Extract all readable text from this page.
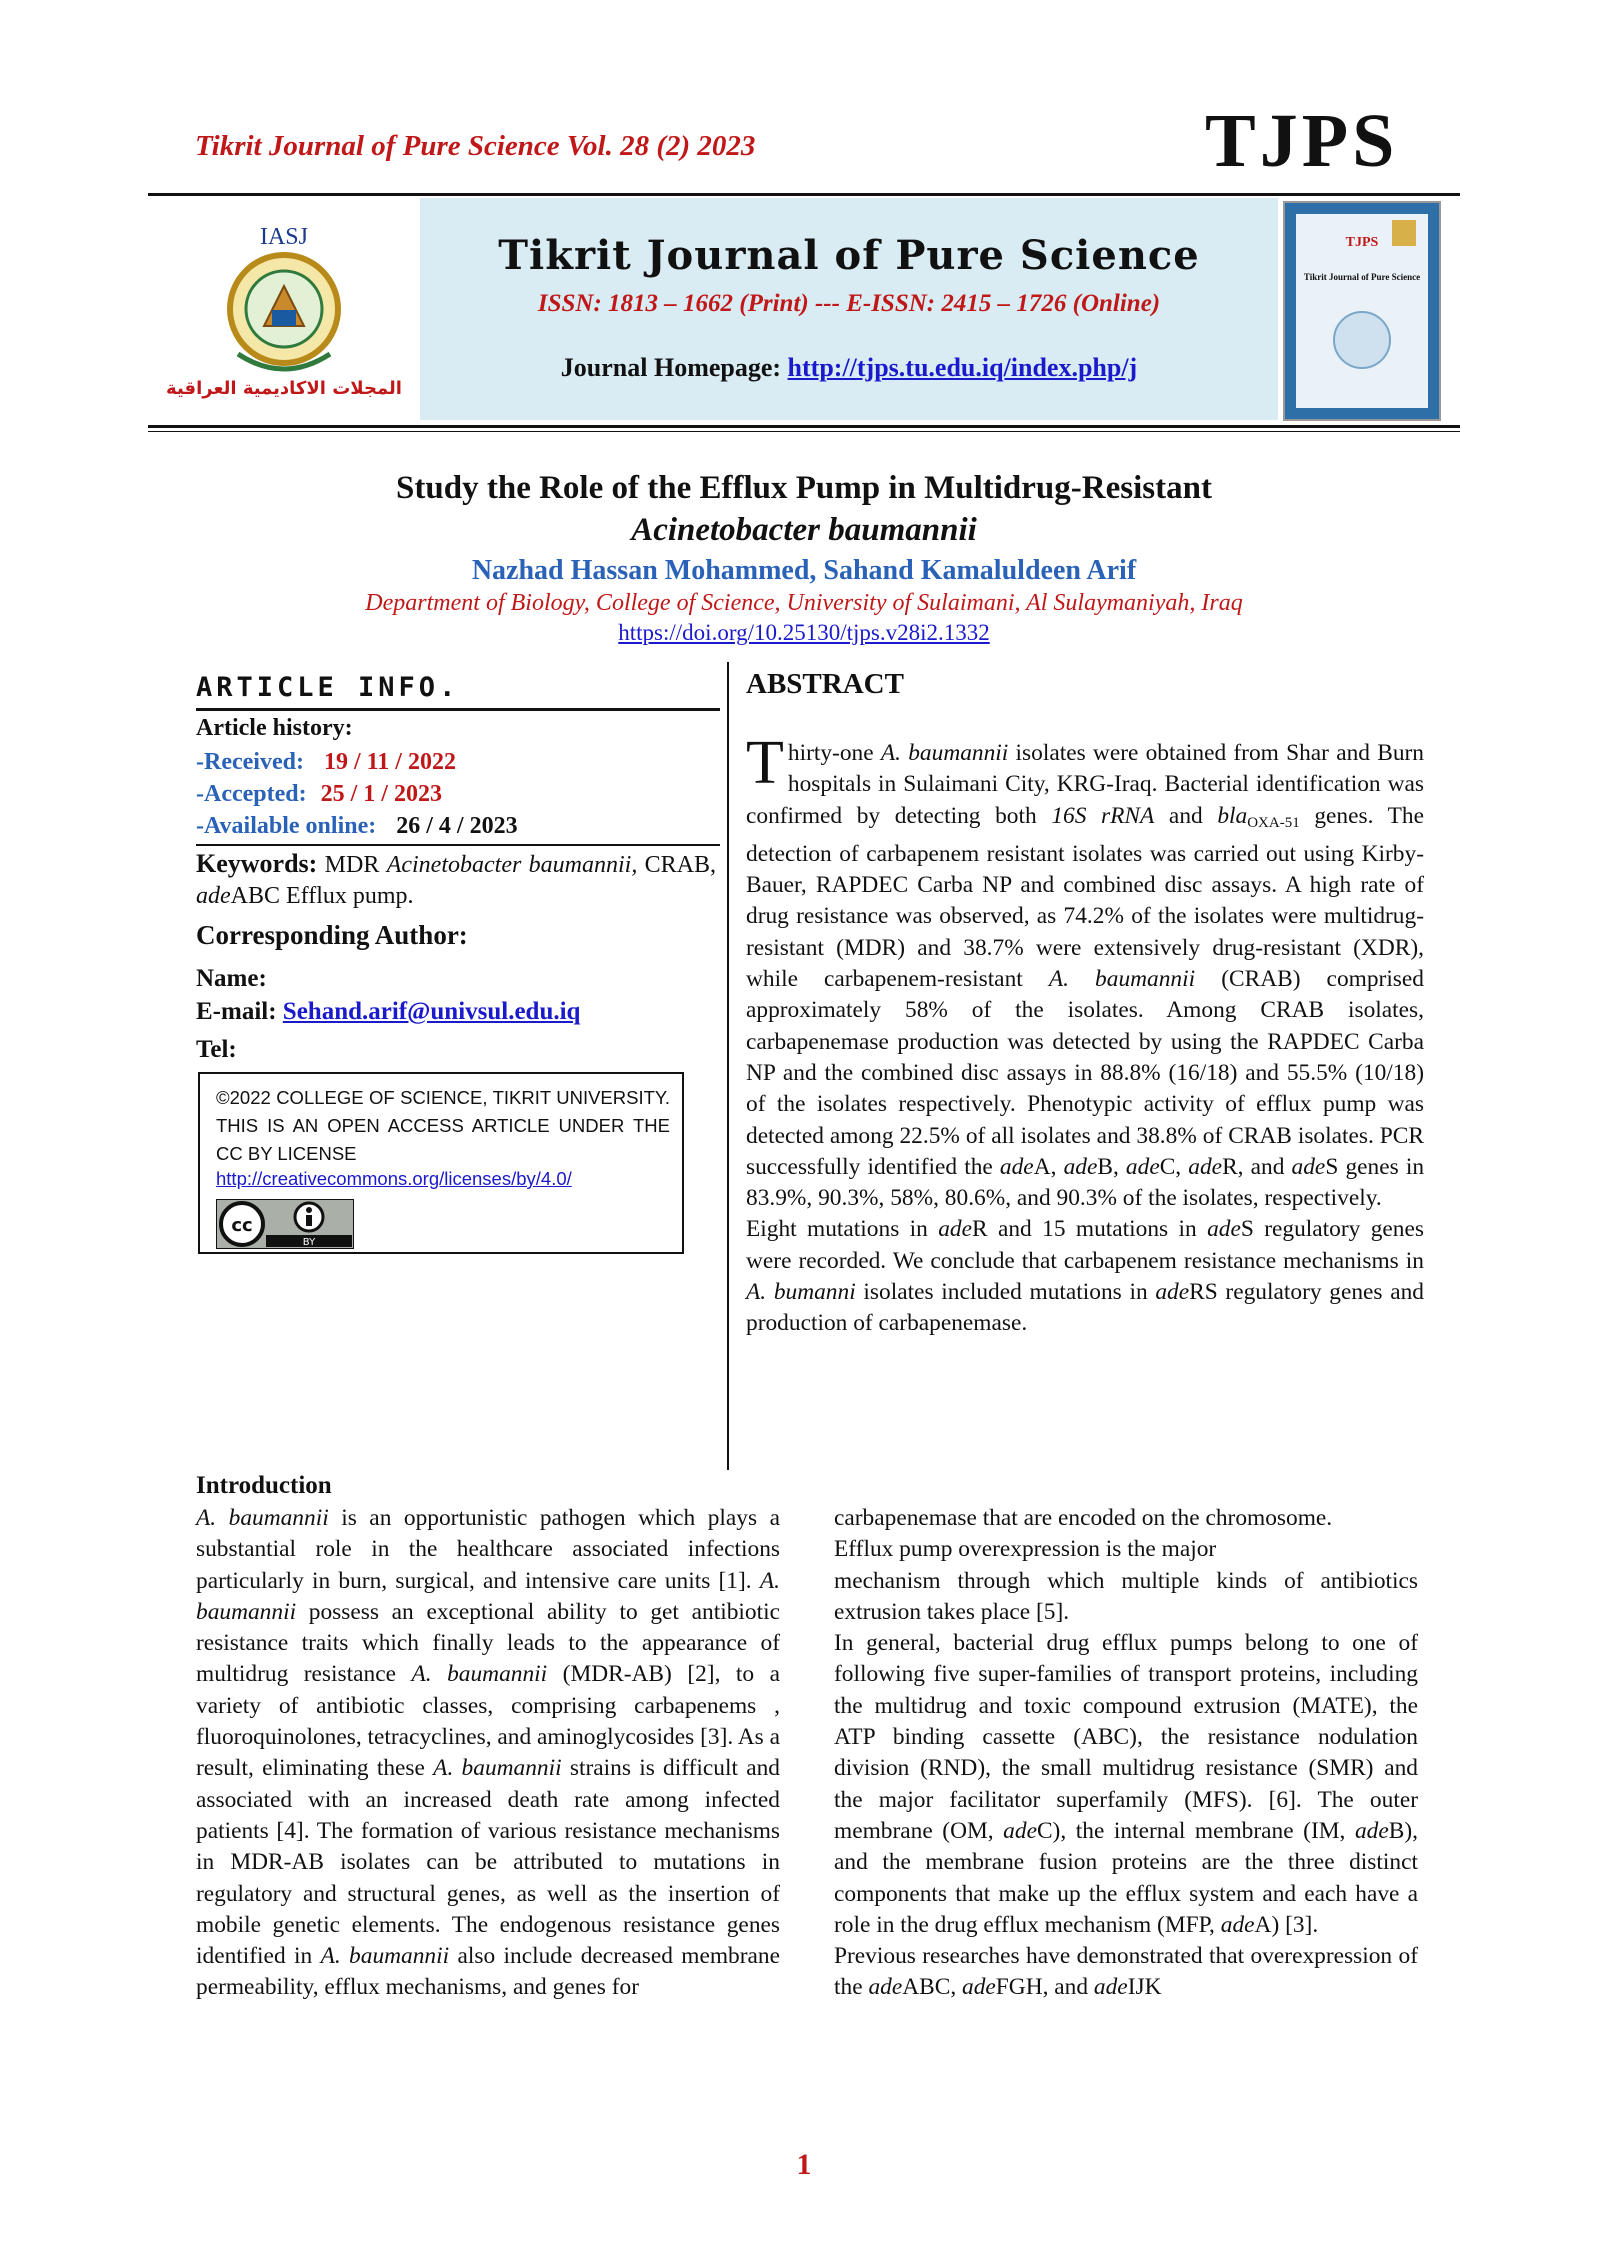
Tikrit Journal of Pure Science Vol. 28 (2) 2023	TJPS
IASJ
المجلات الاكاديمية العراقية
Tikrit Journal of Pure Science
ISSN: 1813 – 1662 (Print) --- E-ISSN: 2415 – 1726 (Online)
Journal Homepage: http://tjps.tu.edu.iq/index.php/j
TJPS
Tikrit Journal of Pure Science
Study the Role of the Efflux Pump in Multidrug-Resistant
Acinetobacter baumannii
Nazhad Hassan Mohammed, Sahand Kamaluldeen Arif
Department of Biology, College of Science, University of Sulaimani, Al Sulaymaniyah, Iraq
https://doi.org/10.25130/tjps.v28i2.1332
ARTICLE INFO.
Article history:
-Received: 19 / 11 / 2022
-Accepted: 25 / 1 / 2023
-Available online: 26 / 4 / 2023
Keywords: MDR Acinetobacter baumannii, CRAB, adeABC Efflux pump.
Corresponding Author:
Name:
E-mail: Sehand.arif@univsul.edu.iq
Tel:
©2022 COLLEGE OF SCIENCE, TIKRIT UNIVERSITY. THIS IS AN OPEN ACCESS ARTICLE UNDER THE CC BY LICENSE
http://creativecommons.org/licenses/by/4.0/
cc
BY
ABSTRACT
Thirty-one A. baumannii isolates were obtained from Shar and Burn hospitals in Sulaimani City, KRG-Iraq. Bacterial identification was confirmed by detecting both 16S rRNA and bla$_{OXA-51}$ genes. The detection of carbapenem resistant isolates was carried out using Kirby- Bauer, RAPDEC Carba NP and combined disc assays. A high rate of drug resistance was observed, as 74.2% of the isolates were multidrug-resistant (MDR) and 38.7% were extensively drug-resistant (XDR), while carbapenem-resistant A. baumannii (CRAB) comprised approximately 58% of the isolates. Among CRAB isolates, carbapenemase production was detected by using the RAPDEC Carba NP and the combined disc assays in 88.8% (16/18) and 55.5% (10/18) of the isolates respectively. Phenotypic activity of efflux pump was detected among 22.5% of all isolates and 38.8% of CRAB isolates. PCR successfully identified the adeA, adeB, adeC, adeR, and adeS genes in 83.9%, 90.3%, 58%, 80.6%, and 90.3% of the isolates, respectively.
Eight mutations in adeR and 15 mutations in adeS regulatory genes were recorded. We conclude that carbapenem resistance mechanisms in A. bumanni isolates included mutations in adeRS regulatory genes and production of carbapenemase.
Introduction
A. baumannii is an opportunistic pathogen which plays a substantial role in the healthcare associated infections particularly in burn, surgical, and intensive care units [1]. A. baumannii possess an exceptional ability to get antibiotic resistance traits which finally leads to the appearance of multidrug resistance A. baumannii (MDR-AB) [2], to a variety of antibiotic classes, comprising carbapenems , fluoroquinolones, tetracyclines, and aminoglycosides [3]. As a result, eliminating these A. baumannii strains is difficult and associated with an increased death rate among infected patients [4]. The formation of various resistance mechanisms in MDR-AB isolates can be attributed to mutations in regulatory and structural genes, as well as the insertion of mobile genetic elements. The endogenous resistance genes identified in A. baumannii also include decreased membrane permeability, efflux mechanisms, and genes for
carbapenemase that are encoded on the chromosome.
Efflux pump overexpression is the major
mechanism through which multiple kinds of antibiotics extrusion takes place [5].
In general, bacterial drug efflux pumps belong to one of following five super-families of transport proteins, including the multidrug and toxic compound extrusion (MATE), the ATP binding cassette (ABC), the resistance nodulation division (RND), the small multidrug resistance (SMR) and the major facilitator superfamily (MFS). [6]. The outer membrane (OM, adeC), the internal membrane (IM, adeB), and the membrane fusion proteins are the three distinct components that make up the efflux system and each have a role in the drug efflux mechanism (MFP, adeA) [3].
Previous researches have demonstrated that overexpression of the adeABC, adeFGH, and adeIJK
1
